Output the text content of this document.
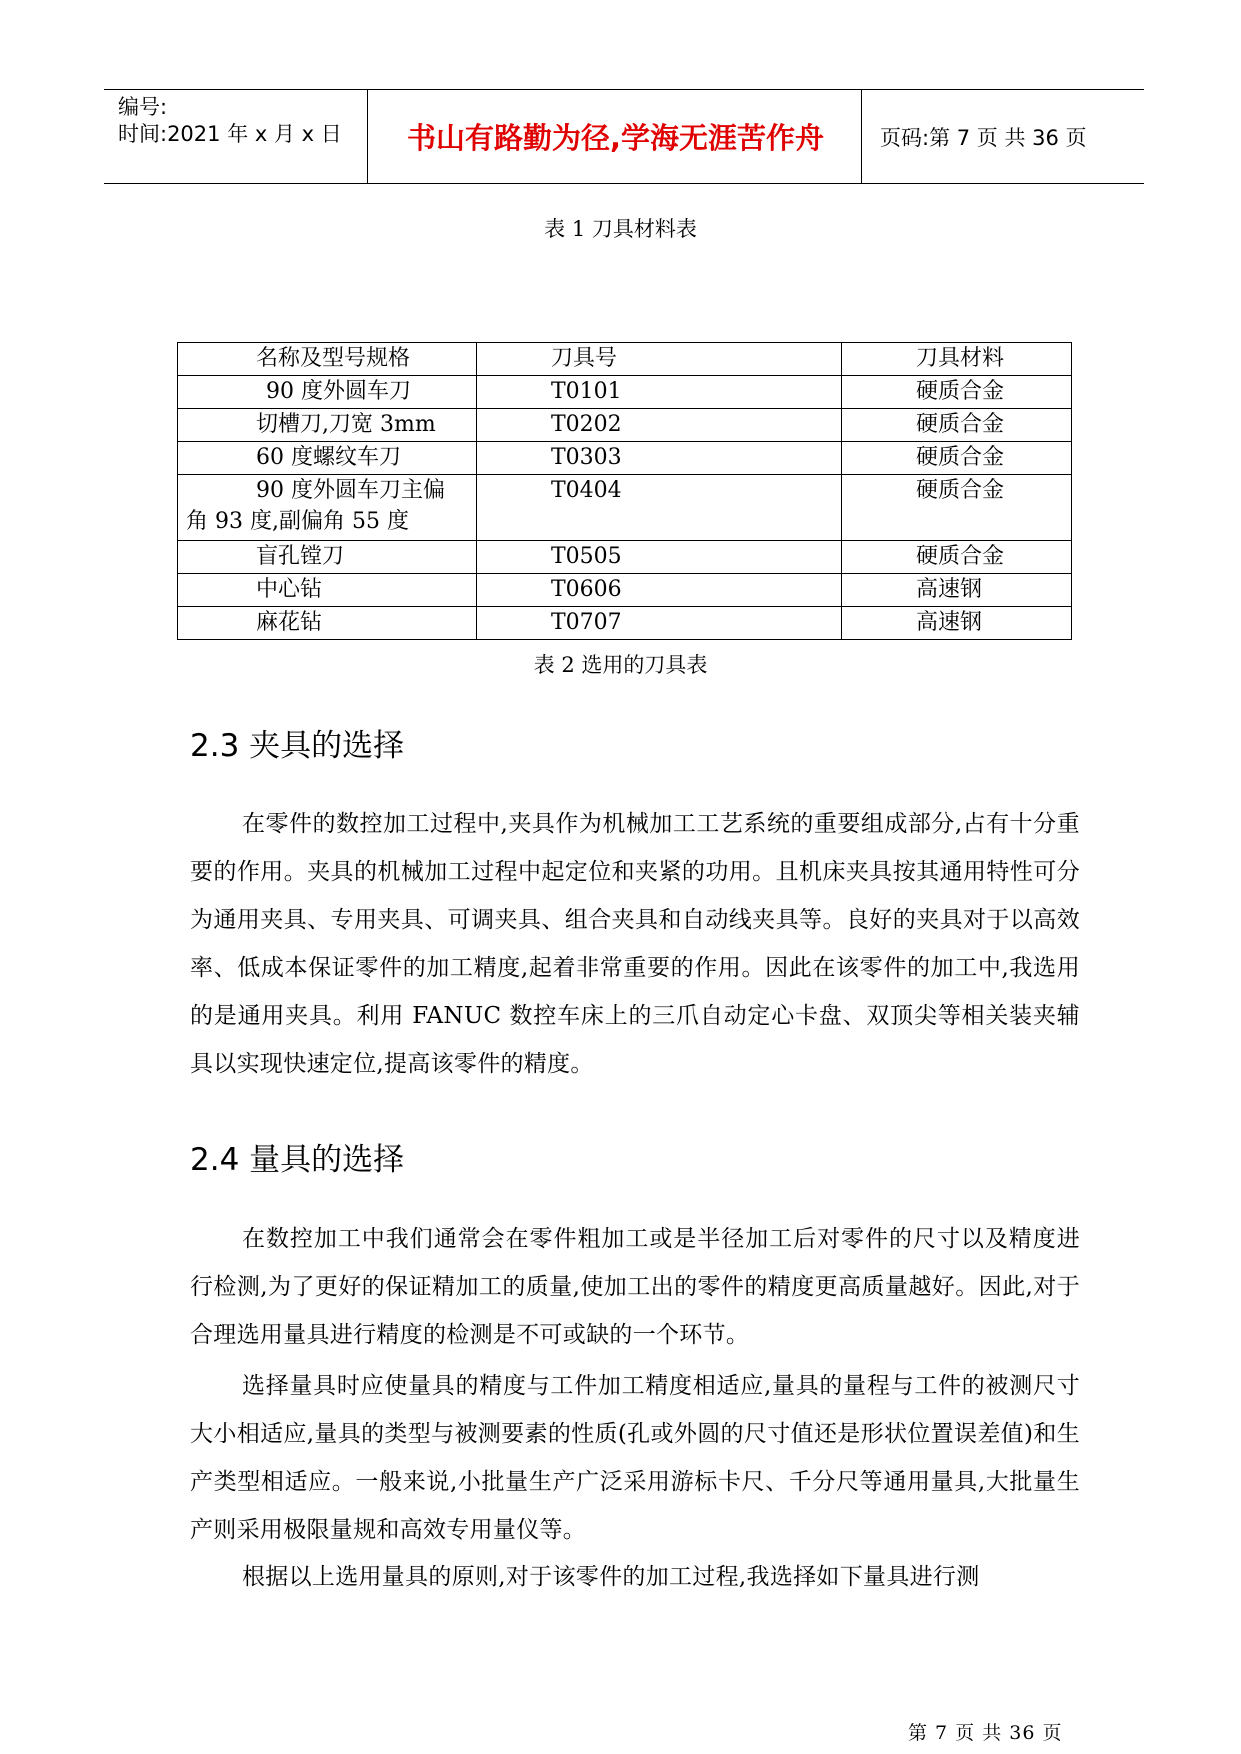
编号:
时间:2021 年 x 月 x 日	书山有路勤为径,学海无涯苦作舟	页码:第 7 页 共 36 页
表 1 刀具材料表
名称及型号规格	刀具号	刀具材料
90 度外圆车刀	T0101	硬质合金
切槽刀,刀宽 3mm	T0202	硬质合金
60 度螺纹车刀	T0303	硬质合金
90 度外圆车刀主偏
角 93 度,副偏角 55 度	T0404	硬质合金
盲孔镗刀	T0505	硬质合金
中心钻	T0606	高速钢
麻花钻	T0707	高速钢
表 2 选用的刀具表
2.3 夹具的选择

在零件的数控加工过程中,夹具作为机械加工工艺系统的重要组成部分,占有十分重要的作用。夹具的机械加工过程中起定位和夹紧的功用。且机床夹具按其通用特性可分为通用夹具、专用夹具、可调夹具、组合夹具和自动线夹具等。良好的夹具对于以高效率、低成本保证零件的加工精度,起着非常重要的作用。因此在该零件的加工中,我选用的是通用夹具。利用 FANUC 数控车床上的三爪自动定心卡盘、双顶尖等相关装夹辅具以实现快速定位,提高该零件的精度。

2.4 量具的选择

在数控加工中我们通常会在零件粗加工或是半径加工后对零件的尺寸以及精度进行检测,为了更好的保证精加工的质量,使加工出的零件的精度更高质量越好。因此,对于合理选用量具进行精度的检测是不可或缺的一个环节。

选择量具时应使量具的精度与工件加工精度相适应,量具的量程与工件的被测尺寸大小相适应,量具的类型与被测要素的性质(孔或外圆的尺寸值还是形状位置误差值)和生产类型相适应。一般来说,小批量生产广泛采用游标卡尺、千分尺等通用量具,大批量生产则采用极限量规和高效专用量仪等。

根据以上选用量具的原则,对于该零件的加工过程,我选择如下量具进行测

第 7 页 共 36 页
